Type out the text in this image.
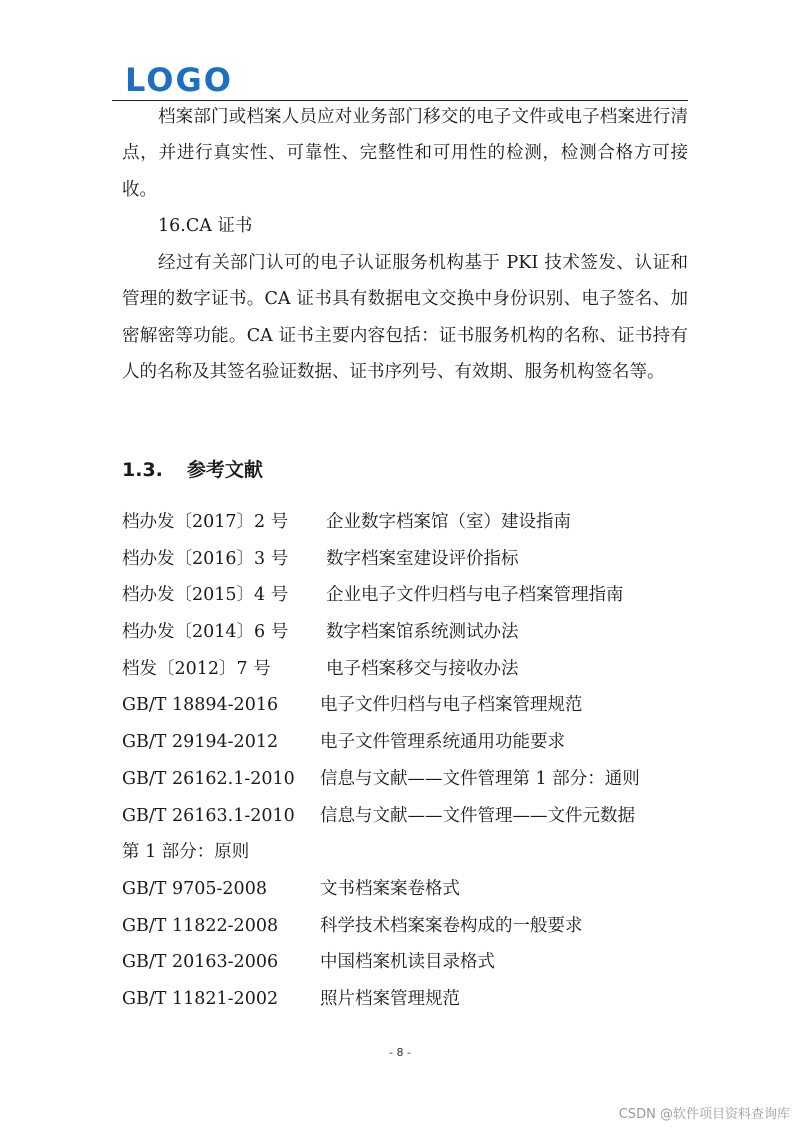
LOGO

档案部门或档案人员应对业务部门移交的电子文件或电子档案进行清点，并进行真实性、可靠性、完整性和可用性的检测，检测合格方可接收。

16.CA 证书

经过有关部门认可的电子认证服务机构基于 PKI 技术签发、认证和管理的数字证书。CA 证书具有数据电文交换中身份识别、电子签名、加密解密等功能。CA 证书主要内容包括：证书服务机构的名称、证书持有人的名称及其签名验证数据、证书序列号、有效期、服务机构签名等。

1.3. 参考文献
档办发〔2017〕2 号 企业数字档案馆（室）建设指南
档办发〔2016〕3 号 数字档案室建设评价指标
档办发〔2015〕4 号 企业电子文件归档与电子档案管理指南
档办发〔2014〕6 号 数字档案馆系统测试办法
档发〔2012〕7 号	电子档案移交与接收办法
GB/T 18894-2016 电子文件归档与电子档案管理规范
GB/T 29194-2012 电子文件管理系统通用功能要求
GB/T 26162.1-2010 信息与文献——文件管理第 1 部分：通则
GB/T 26163.1-2010 信息与文献——文件管理——文件元数据
第 1 部分：原则
GB/T 9705-2008	文书档案案卷格式
GB/T 11822-2008 科学技术档案案卷构成的一般要求
GB/T 20163-2006 中国档案机读目录格式
GB/T 11821-2002 照片档案管理规范
- 8 -
CSDN @软件项目资料查询库
